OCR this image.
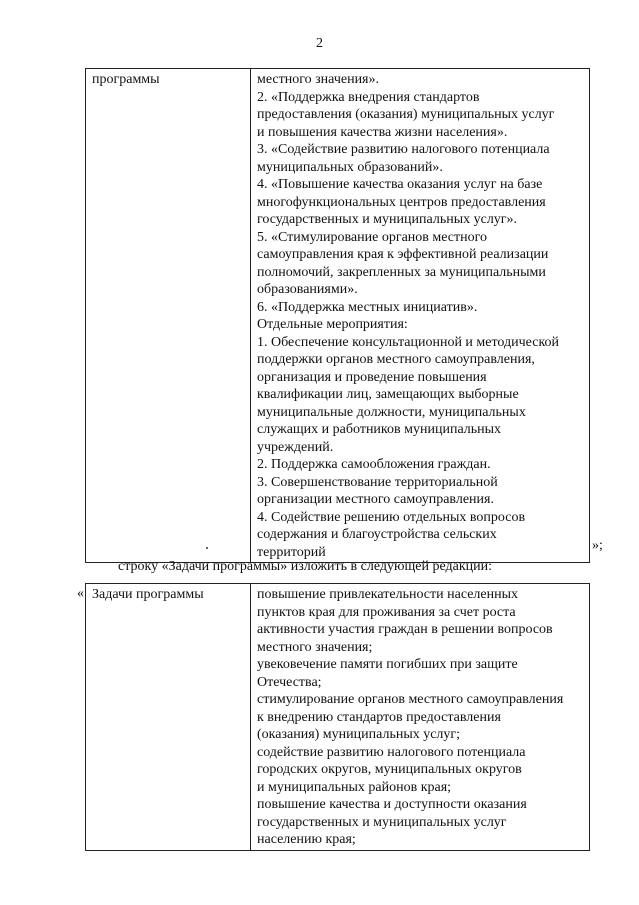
2
программы	местного значения».
2. «Поддержка внедрения стандартов
предоставления (оказания) муниципальных услуг
и повышения качества жизни населения».
3. «Содействие развитию налогового потенциала
муниципальных образований».
4. «Повышение качества оказания услуг на базе
многофункциональных центров предоставления
государственных и муниципальных услуг».
5. «Стимулирование органов местного
самоуправления края к эффективной реализации
полномочий, закрепленных за муниципальными
образованиями».
6. «Поддержка местных инициатив».
Отдельные мероприятия:
1. Обеспечение консультационной и методической
поддержки органов местного самоуправления,
организация и проведение повышения
квалификации лиц, замещающих выборные
муниципальные должности, муниципальных
служащих и работников муниципальных
учреждений.
2. Поддержка самообложения граждан.
3. Совершенствование территориальной
организации местного самоуправления.
4. Содействие решению отдельных вопросов
содержания и благоустройства сельских
территорий	»;
строку «Задачи программы» изложить в следующей редакции:
« Задачи программы	повышение привлекательности населенных
пунктов края для проживания за счет роста
активности участия граждан в решении вопросов
местного значения;
увековечение памяти погибших при защите
Отечества;
стимулирование органов местного самоуправления
к внедрению стандартов предоставления
(оказания) муниципальных услуг;
содействие развитию налогового потенциала
городских округов, муниципальных округов
и муниципальных районов края;
повышение качества и доступности оказания
государственных и муниципальных услуг
населению края;
